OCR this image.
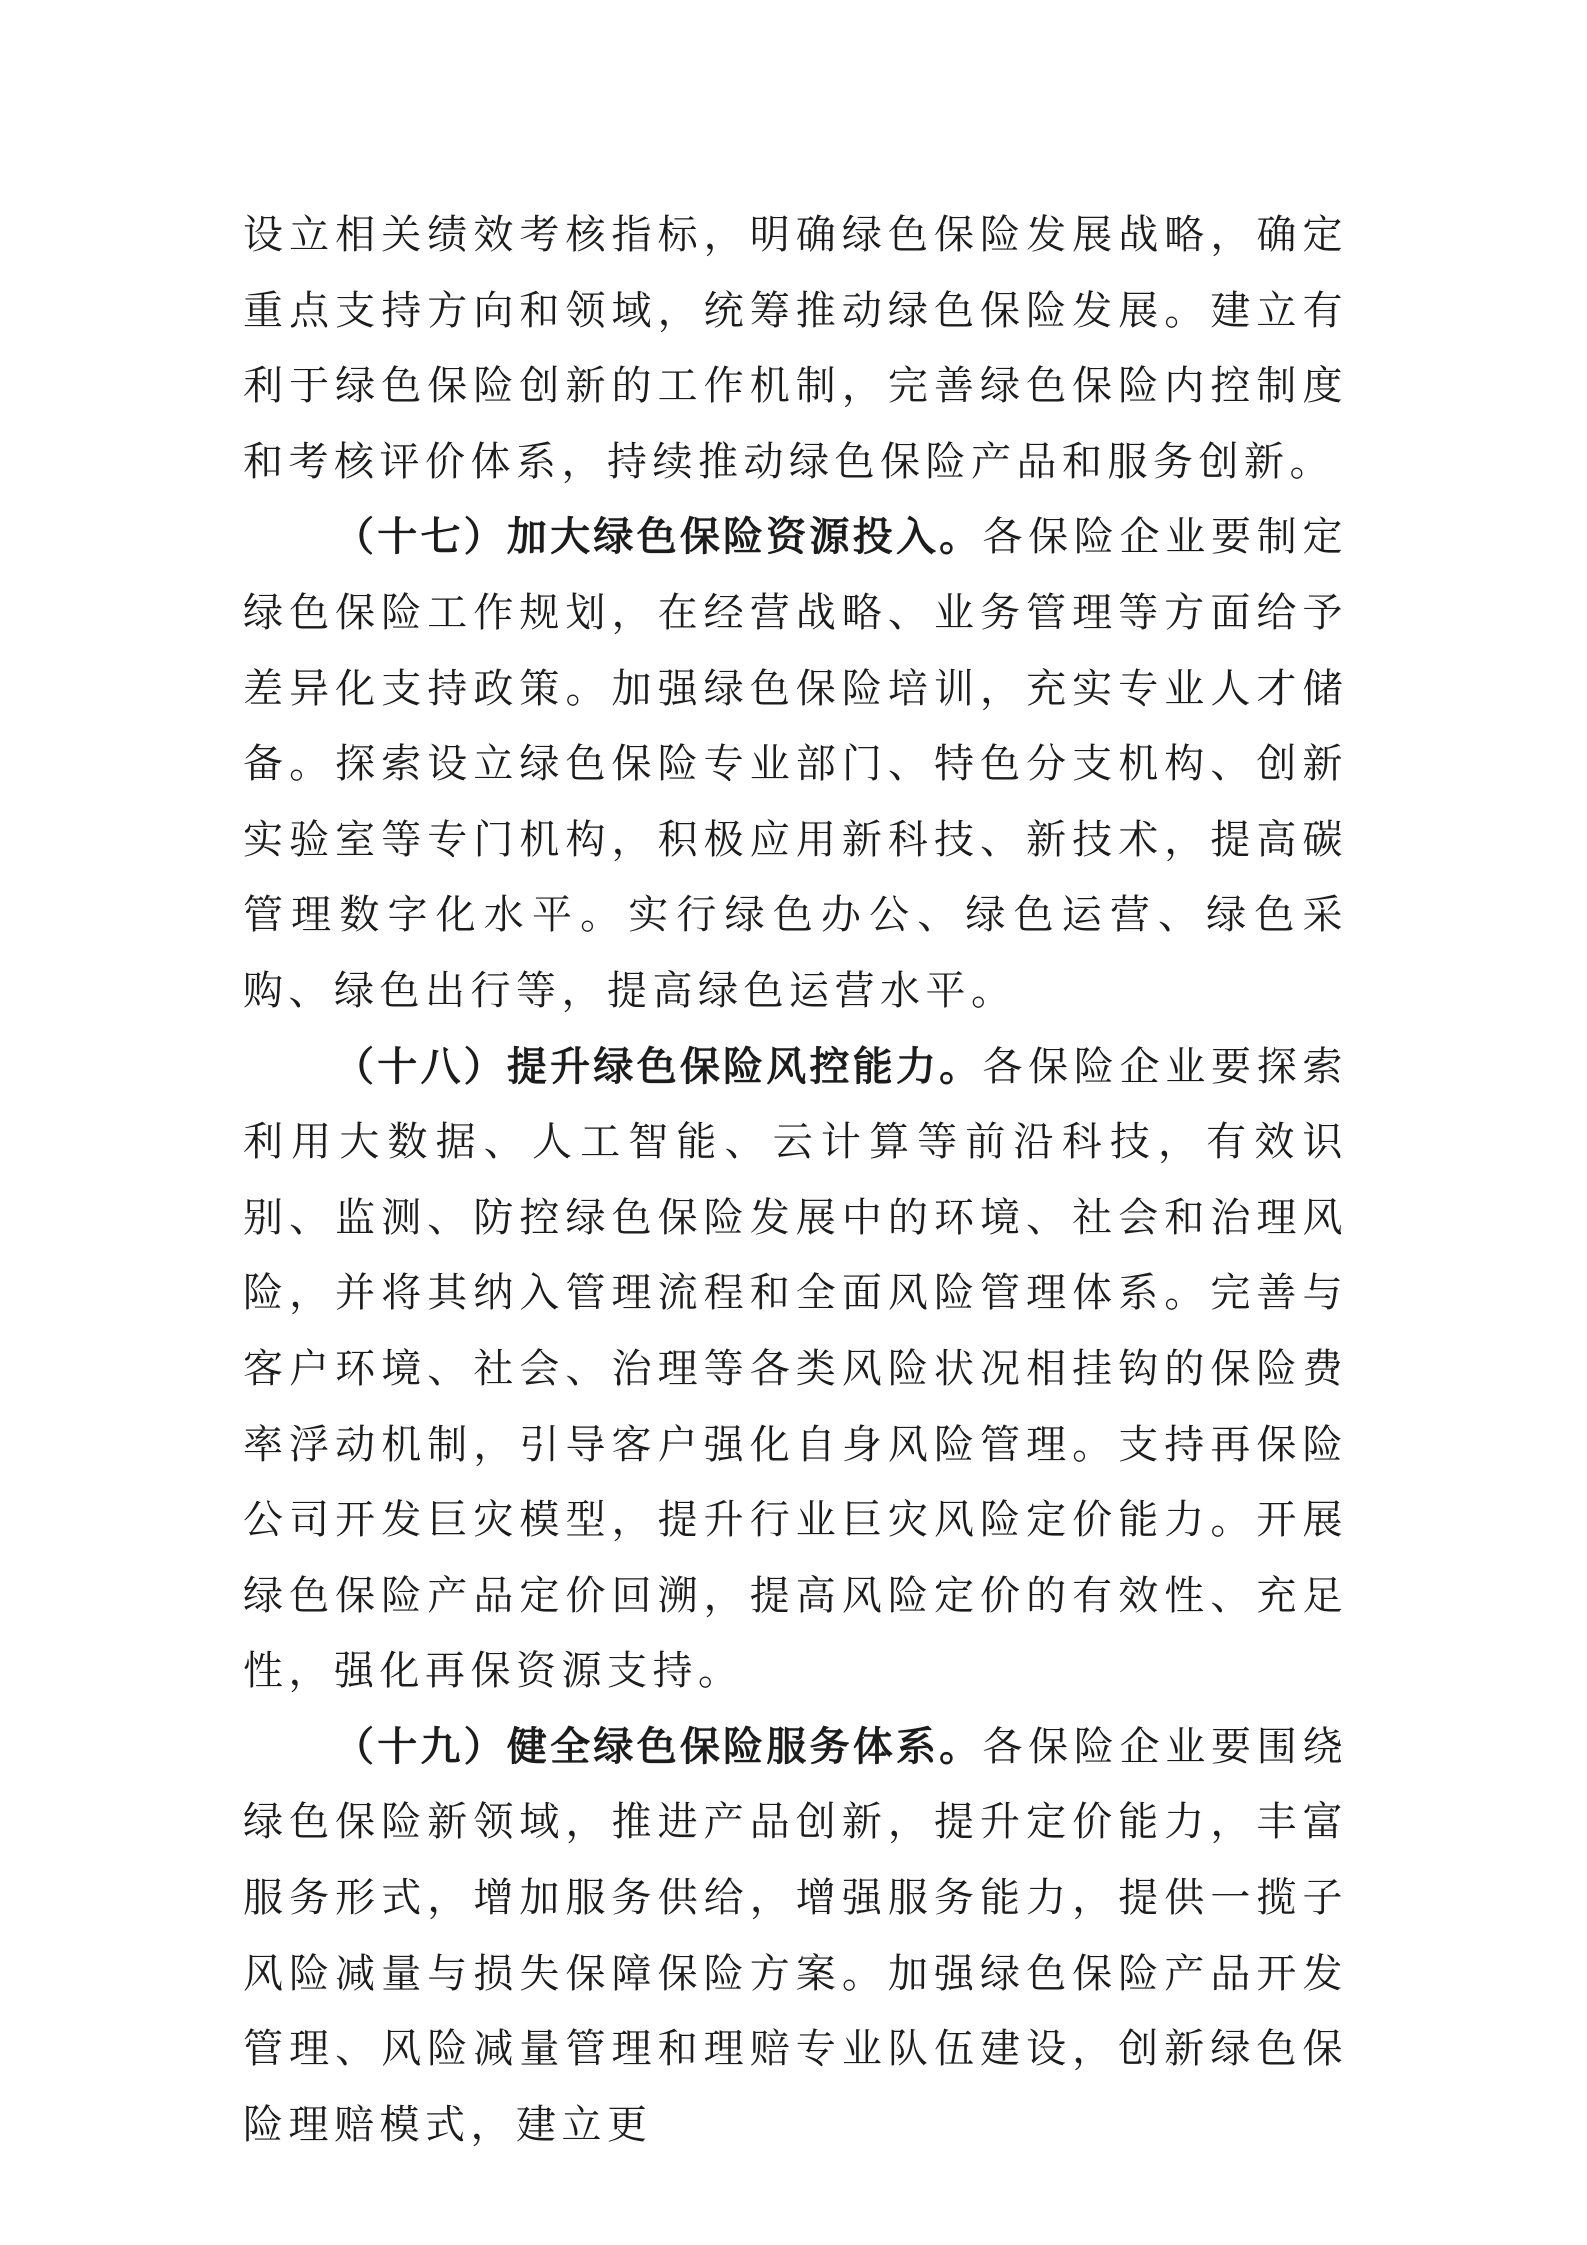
设立相关绩效考核指标，明确绿色保险发展战略，确定重点支持方向和领域，统筹推动绿色保险发展。建立有利于绿色保险创新的工作机制，完善绿色保险内控制度和考核评价体系，持续推动绿色保险产品和服务创新。

（十七）加大绿色保险资源投入。各保险企业要制定绿色保险工作规划，在经营战略、业务管理等方面给予差异化支持政策。加强绿色保险培训，充实专业人才储备。探索设立绿色保险专业部门、特色分支机构、创新实验室等专门机构，积极应用新科技、新技术，提高碳管理数字化水平。实行绿色办公、绿色运营、绿色采购、绿色出行等，提高绿色运营水平。

（十八）提升绿色保险风控能力。各保险企业要探索利用大数据、人工智能、云计算等前沿科技，有效识别、监测、防控绿色保险发展中的环境、社会和治理风险，并将其纳入管理流程和全面风险管理体系。完善与客户环境、社会、治理等各类风险状况相挂钩的保险费率浮动机制，引导客户强化自身风险管理。支持再保险公司开发巨灾模型，提升行业巨灾风险定价能力。开展绿色保险产品定价回溯，提高风险定价的有效性、充足性，强化再保资源支持。

（十九）健全绿色保险服务体系。各保险企业要围绕绿色保险新领域，推进产品创新，提升定价能力，丰富服务形式，增加服务供给，增强服务能力，提供一揽子风险减量与损失保障保险方案。加强绿色保险产品开发管理、风险减量管理和理赔专业队伍建设，创新绿色保险理赔模式，建立更
